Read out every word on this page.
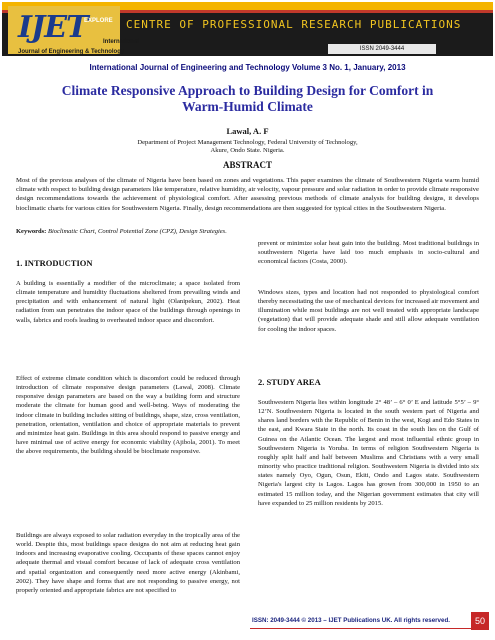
IJET
EXPLORE
International
Journal of Engineering & Technology
CENTRE OF PROFESSIONAL RESEARCH PUBLICATIONS
ISSN 2049-3444
International Journal of Engineering and Technology Volume 3 No. 1, January, 2013
Climate Responsive Approach to Building Design for Comfort in Warm-Humid Climate
Lawal, A. F
Department of Project Management Technology, Federal University of Technology,
Akure, Ondo State. Nigeria.
ABSTRACT
Most of the previous analyses of the climate of Nigeria have been based on zones and vegetations. This paper examines the climate of Southwestern Nigeria warm humid climate with respect to building design parameters like temperature, relative humidity, air velocity, vapour pressure and solar radiation in order to provide climate responsive design recommendations towards the achievement of physiological comfort. After assessing previous methods of climate analysis for building designs, it develops bioclimatic charts for various cities for Southwestern Nigeria. Finally, design recommendations are then suggested for typical cities in the Southwestern Nigeria.
Keywords: Bioclimatic Chart, Control Potential Zone (CPZ), Design Strategies.
1. INTRODUCTION
A building is essentially a modifier of the microclimate; a space isolated from climate temperature and humidity fluctuations sheltered from prevailing winds and precipitation and with enhancement of natural light (Olanipekun, 2002). Heat radiation from sun penetrates the indoor space of the buildings through openings in walls, fabrics and roofs leading to overheated indoor space and discomfort.
Effect of extreme climate condition which is discomfort could be reduced through introduction of climate responsive design parameters (Lawal, 2008). Climate responsive design parameters are based on the way a building form and structure moderate the climate for human good and well-being. Ways of moderating the indoor climate in building includes sitting of buildings, shape, size, cross ventilation, penetration, orientation, ventilation and choice of appropriate materials to prevent and minimize heat gain. Buildings in this area should respond to passive energy and have minimal use of active energy for economic viability (Ajibola, 2001). To meet the above requirements, the building should be bioclimate responsive.
Buildings are always exposed to solar radiation everyday in the tropically area of the world. Despite this, most buildings space designs do not aim at reducing heat gain indoors and increasing evaporative cooling. Occupants of these spaces cannot enjoy adequate thermal and visual comfort because of lack of adequate cross ventilation and spatial organization and consequently need more active energy (Akinbami, 2002). They have shape and forms that are not responding to passive energy, not properly oriented and appropriate fabrics are not specified to
prevent or minimize solar heat gain into the building. Most traditional buildings in southwestern Nigeria have laid too much emphasis in socio-cultural and economical factors (Costa, 2000).
Windows sizes, types and location had not responded to physiological comfort thereby necessitating the use of mechanical devices for increased air movement and illumination while most buildings are not well treated with appropriate landscape (vegetation) that will provide adequate shade and still allow adequate ventilation for cooling the indoor spaces.
2. STUDY AREA
Southwestern Nigeria lies within longitude 2° 48’ – 6° 0’ E and latitude 5°5’ – 9° 12’N. Southwestern Nigeria is located in the south western part of Nigeria and shares land borders with the Republic of Benin in the west, Kogi and Edo States in the east, and Kwara State in the north. Its coast in the south lies on the Gulf of Guinea on the Atlantic Ocean. The largest and most influential ethnic group in Southwestern Nigeria is Yoruba. In terms of religion Southwestern Nigeria is roughly split half and half between Muslims and Christians with a very small minority who practice traditional religion. Southwestern Nigeria is divided into six states namely Oyo, Ogun, Osun, Ekiti, Ondo and Lagos state. Southwestern Nigeria's largest city is Lagos. Lagos has grown from 300,000 in 1950 to an estimated 15 million today, and the Nigerian government estimates that city will have expanded to 25 million residents by 2015.
ISSN: 2049-3444 © 2013 – IJET Publications UK. All rights reserved.	50
